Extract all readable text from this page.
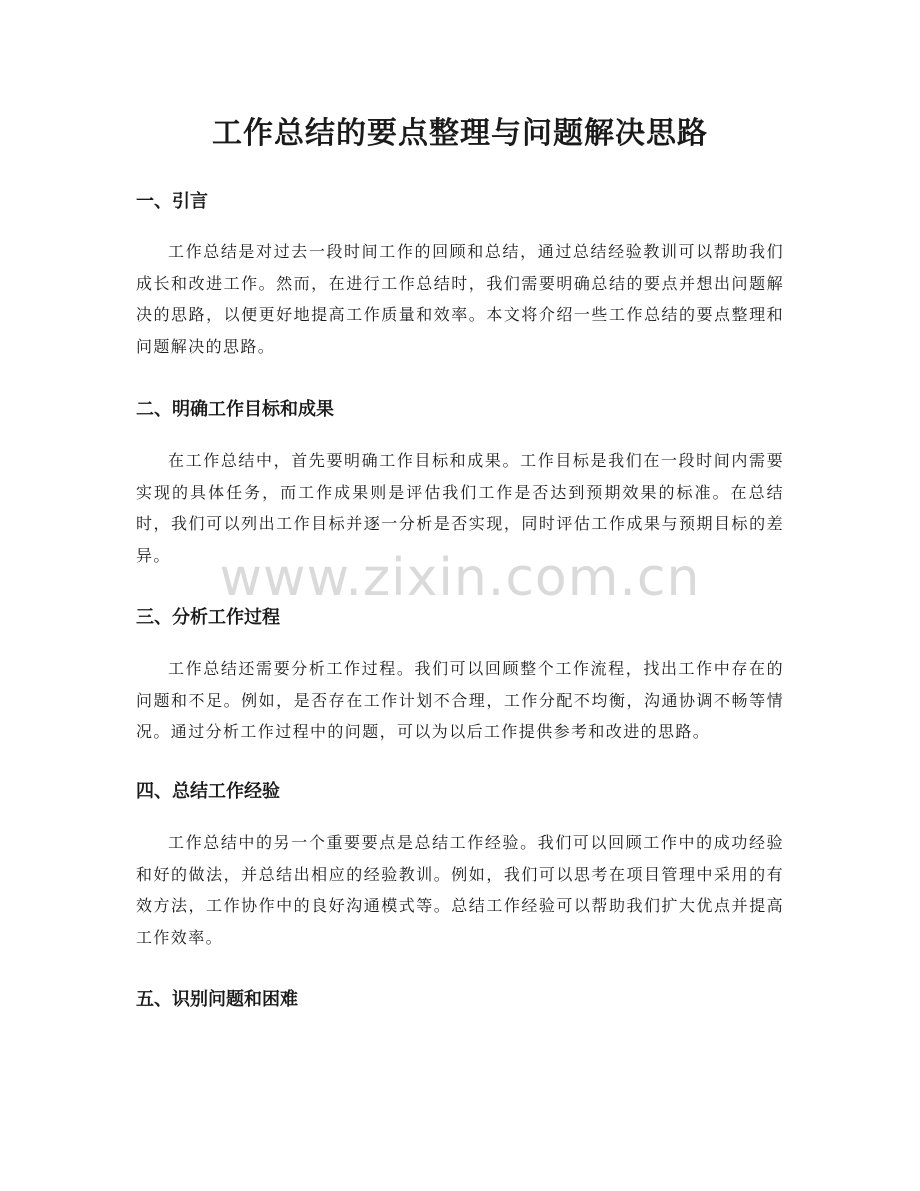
工作总结的要点整理与问题解决思路
一、引言

工作总结是对过去一段时间工作的回顾和总结，通过总结经验教训可以帮助我们成长和改进工作。然而，在进行工作总结时，我们需要明确总结的要点并想出问题解决的思路，以便更好地提高工作质量和效率。本文将介绍一些工作总结的要点整理和问题解决的思路。

二、明确工作目标和成果

在工作总结中，首先要明确工作目标和成果。工作目标是我们在一段时间内需要实现的具体任务，而工作成果则是评估我们工作是否达到预期效果的标准。在总结时，我们可以列出工作目标并逐一分析是否实现，同时评估工作成果与预期目标的差异。

三、分析工作过程

工作总结还需要分析工作过程。我们可以回顾整个工作流程，找出工作中存在的问题和不足。例如，是否存在工作计划不合理，工作分配不均衡，沟通协调不畅等情况。通过分析工作过程中的问题，可以为以后工作提供参考和改进的思路。

四、总结工作经验

工作总结中的另一个重要要点是总结工作经验。我们可以回顾工作中的成功经验和好的做法，并总结出相应的经验教训。例如，我们可以思考在项目管理中采用的有效方法，工作协作中的良好沟通模式等。总结工作经验可以帮助我们扩大优点并提高工作效率。

五、识别问题和困难
www.zixin.com.cn
